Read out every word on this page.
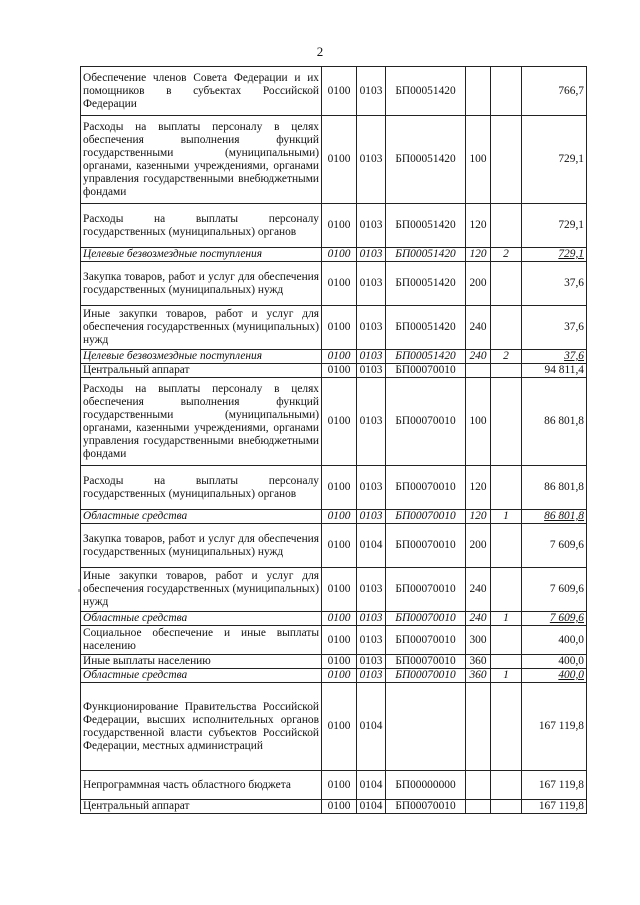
2
Обеспечение членов Совета Федерации и их помощников в субъектах Российской Федерации	0100	0103	БП00051420			766,7
Расходы на выплаты персоналу в целях обеспечения выполнения функций государственными (муниципальными) органами, казенными учреждениями, органами управления государственными внебюджетными фондами	0100	0103	БП00051420	100		729,1
Расходы на выплаты персоналу государственных (муниципальных) органов	0100	0103	БП00051420	120		729,1
Целевые безвозмездные поступления	0100	0103	БП00051420	120	2	729,1
Закупка товаров, работ и услуг для обеспечения государственных (муниципальных) нужд	0100	0103	БП00051420	200		37,6
Иные закупки товаров, работ и услуг для обеспечения государственных (муниципальных) нужд	0100	0103	БП00051420	240		37,6
Целевые безвозмездные поступления	0100	0103	БП00051420	240	2	37,6
Центральный аппарат	0100	0103	БП00070010			94 811,4
Расходы на выплаты персоналу в целях обеспечения выполнения функций государственными (муниципальными) органами, казенными учреждениями, органами управления государственными внебюджетными фондами	0100	0103	БП00070010	100		86 801,8
Расходы на выплаты персоналу государственных (муниципальных) органов	0100	0103	БП00070010	120		86 801,8
Областные средства	0100	0103	БП00070010	120	1	86 801,8
Закупка товаров, работ и услуг для обеспечения государственных (муниципальных) нужд	0100	0104	БП00070010	200		7 609,6
Иные закупки товаров, работ и услуг для обеспечения государственных (муниципальных) нужд	0100	0103	БП00070010	240		7 609,6
Областные средства	0100	0103	БП00070010	240	1	7 609,6
Социальное обеспечение и иные выплаты населению	0100	0103	БП00070010	300		400,0
Иные выплаты населению	0100	0103	БП00070010	360		400,0
Областные средства	0100	0103	БП00070010	360	1	400,0
Функционирование Правительства Российской Федерации, высших исполнительных органов государственной власти субъектов Российской Федерации, местных администраций	0100	0104				167 119,8
Непрограммная часть областного бюджета	0100	0104	БП00000000			167 119,8
Центральный аппарат	0100	0104	БП00070010			167 119,8
